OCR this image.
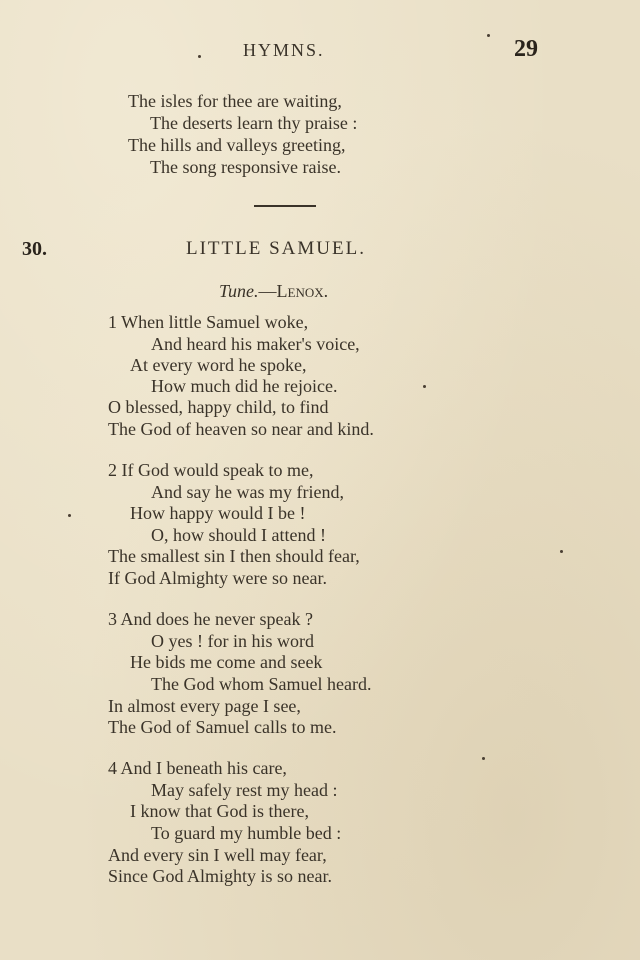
HYMNS.	29
The isles for thee are waiting,
The deserts learn thy praise :
The hills and valleys greeting,
The song responsive raise.
30.	LITTLE SAMUEL.
Tune.—Lenox.
1 When little Samuel woke,
And heard his maker's voice,
At every word he spoke,
How much did he rejoice.
O blessed, happy child, to find
The God of heaven so near and kind.
2 If God would speak to me,
And say he was my friend,
How happy would I be !
O, how should I attend !
The smallest sin I then should fear,
If God Almighty were so near.
3 And does he never speak ?
O yes ! for in his word
He bids me come and seek
The God whom Samuel heard.
In almost every page I see,
The God of Samuel calls to me.
4 And I beneath his care,
May safely rest my head :
I know that God is there,
To guard my humble bed :
And every sin I well may fear,
Since God Almighty is so near.
